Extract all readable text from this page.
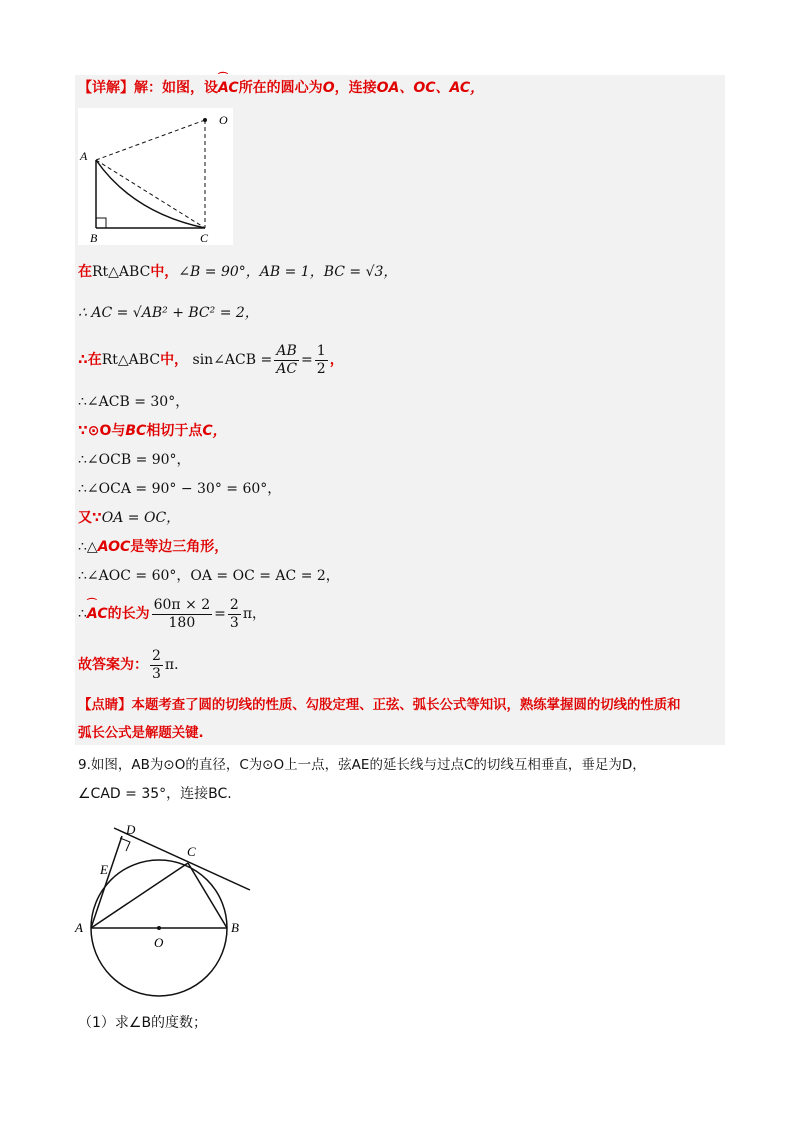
【详解】解：如图，设⌒ AC所在的圆心为O，连接OA、OC、AC，
A
B	C
O
在Rt△ABC中，∠B = 90°，AB = 1，BC = √3，
∴ AC = √AB² + BC² = 2，
∴在 Rt△ABC 中，
sin∠ACB = $\frac{AB}{AC} = \frac{1}{2}$ ，
∴∠ACB = 30°，
∵⊙O与BC相切于点C，
∴∠OCB = 90°，
∴∠OCA = 90° − 30° = 60°，
又∵OA = OC，
∴△AOC是等边三角形，
∴∠AOC = 60°，OA = OC = AC = 2，
∴
⌒ AC 的长为 $\frac{60\pi \times 2}{180} = \frac{2}{3}$ π，
故答案为： $\frac{2}{3}$ π．
【点睛】本题考查了圆的切线的性质、勾股定理、正弦、弧长公式等知识，熟练掌握圆的切线的性质和
弧长公式是解题关键.
9.如图，AB为⊙O的直径，C为⊙O上一点，弦AE的延长线与过点C的切线互相垂直，垂足为D，
∠CAD = 35°，连接BC.
D
C
E
A	B
O
（1）求∠B的度数；
